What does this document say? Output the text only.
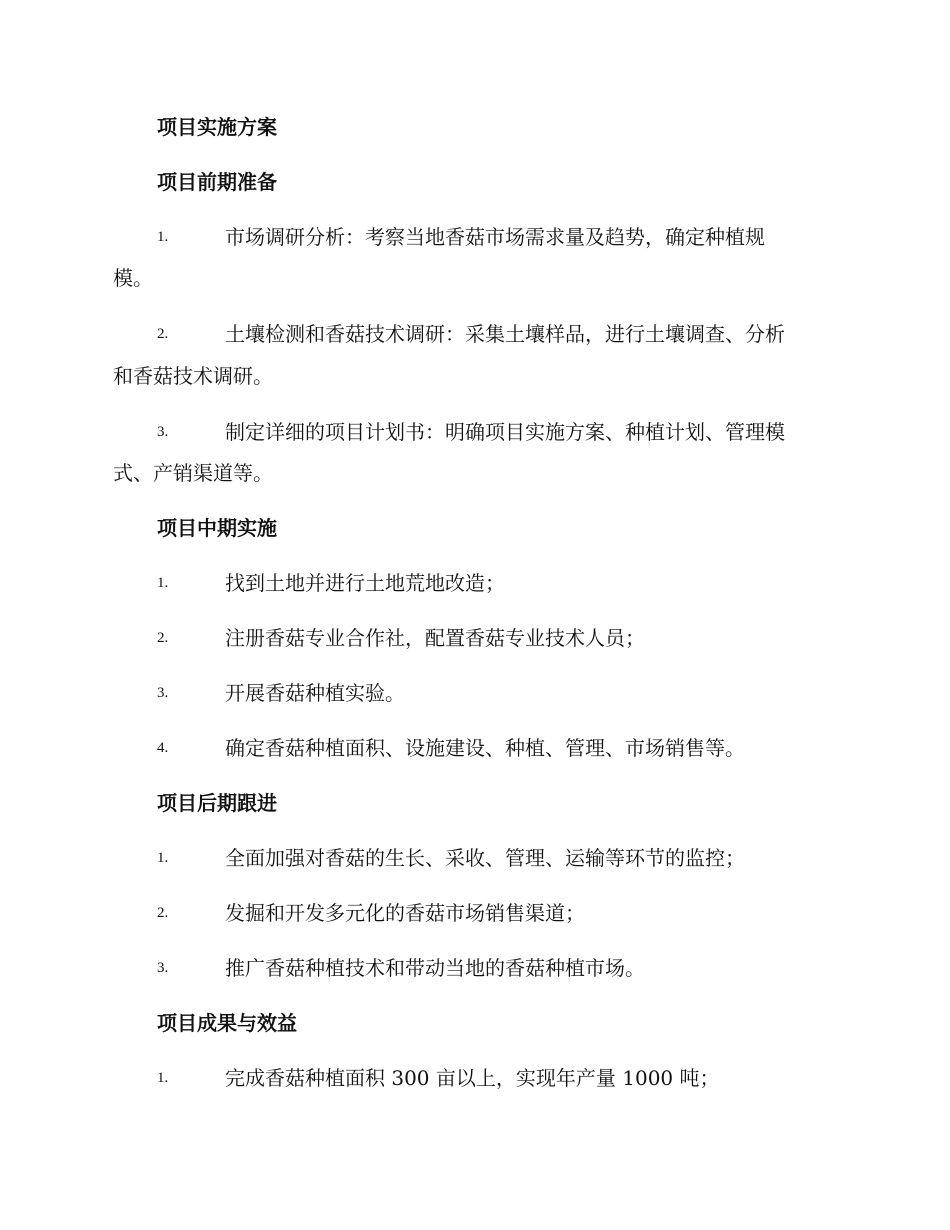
项目实施方案
项目前期准备
1.	市场调研分析：考察当地香菇市场需求量及趋势，确定种植规
模。
2.	土壤检测和香菇技术调研：采集土壤样品，进行土壤调查、分析
和香菇技术调研。
3.	制定详细的项目计划书：明确项目实施方案、种植计划、管理模
式、产销渠道等。
项目中期实施
1.	找到土地并进行土地荒地改造；
2.	注册香菇专业合作社，配置香菇专业技术人员；
3.	开展香菇种植实验。
4.	确定香菇种植面积、设施建设、种植、管理、市场销售等。
项目后期跟进
1.	全面加强对香菇的生长、采收、管理、运输等环节的监控；
2.	发掘和开发多元化的香菇市场销售渠道；
3.	推广香菇种植技术和带动当地的香菇种植市场。
项目成果与效益
1.	完成香菇种植面积 300 亩以上，实现年产量 1000 吨；
